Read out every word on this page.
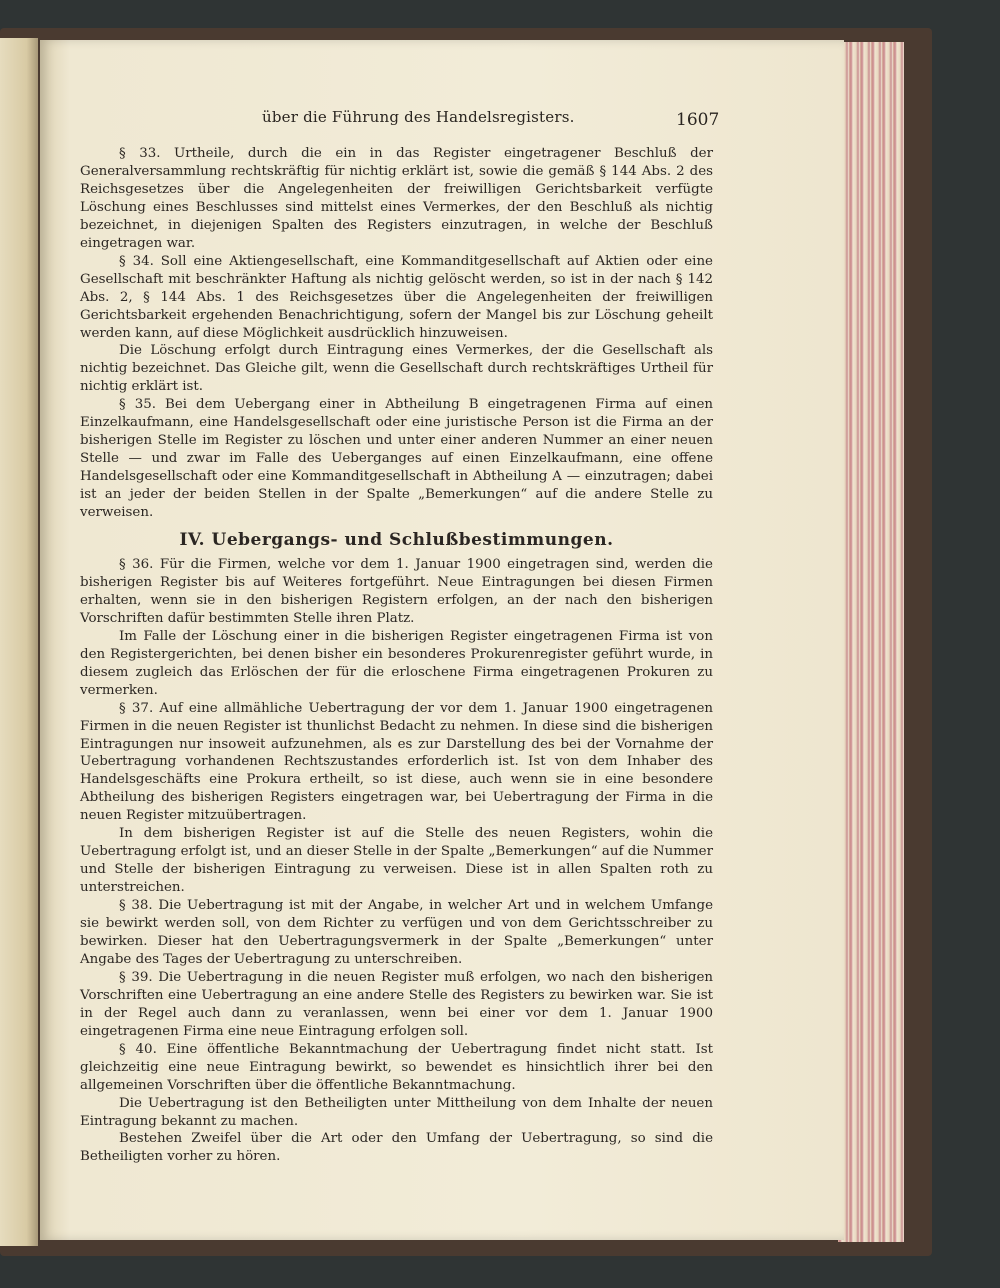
über die Führung des Handelsregisters.	1607

§ 33. Urtheile, durch die ein in das Register eingetragener Beschluß der Generalversammlung rechtskräftig für nichtig erklärt ist, sowie die gemäß § 144 Abs. 2 des Reichsgesetzes über die Angelegenheiten der freiwilligen Gerichtsbarkeit verfügte Löschung eines Beschlusses sind mittelst eines Vermerkes, der den Beschluß als nichtig bezeichnet, in diejenigen Spalten des Registers einzutragen, in welche der Beschluß eingetragen war.

§ 34. Soll eine Aktiengesellschaft, eine Kommanditgesellschaft auf Aktien oder eine Gesellschaft mit beschränkter Haftung als nichtig gelöscht werden, so ist in der nach § 142 Abs. 2, § 144 Abs. 1 des Reichsgesetzes über die Angelegenheiten der freiwilligen Gerichtsbarkeit ergehenden Benachrichtigung, sofern der Mangel bis zur Löschung geheilt werden kann, auf diese Möglichkeit ausdrücklich hinzuweisen.

Die Löschung erfolgt durch Eintragung eines Vermerkes, der die Gesellschaft als nichtig bezeichnet. Das Gleiche gilt, wenn die Gesellschaft durch rechtskräftiges Urtheil für nichtig erklärt ist.

§ 35. Bei dem Uebergang einer in Abtheilung B eingetragenen Firma auf einen Einzelkaufmann, eine Handelsgesellschaft oder eine juristische Person ist die Firma an der bisherigen Stelle im Register zu löschen und unter einer anderen Nummer an einer neuen Stelle — und zwar im Falle des Ueberganges auf einen Einzelkaufmann, eine offene Handelsgesellschaft oder eine Kommanditgesellschaft in Abtheilung A — einzutragen; dabei ist an jeder der beiden Stellen in der Spalte „Bemerkungen“ auf die andere Stelle zu verweisen.

IV. Uebergangs- und Schlußbestimmungen.

§ 36. Für die Firmen, welche vor dem 1. Januar 1900 eingetragen sind, werden die bisherigen Register bis auf Weiteres fortgeführt. Neue Eintragungen bei diesen Firmen erhalten, wenn sie in den bisherigen Registern erfolgen, an der nach den bisherigen Vorschriften dafür bestimmten Stelle ihren Platz.

Im Falle der Löschung einer in die bisherigen Register eingetragenen Firma ist von den Registergerichten, bei denen bisher ein besonderes Prokurenregister geführt wurde, in diesem zugleich das Erlöschen der für die erloschene Firma eingetragenen Prokuren zu vermerken.

§ 37. Auf eine allmähliche Uebertragung der vor dem 1. Januar 1900 eingetragenen Firmen in die neuen Register ist thunlichst Bedacht zu nehmen. In diese sind die bisherigen Eintragungen nur insoweit aufzunehmen, als es zur Darstellung des bei der Vornahme der Uebertragung vorhandenen Rechtszustandes erforderlich ist. Ist von dem Inhaber des Handelsgeschäfts eine Prokura ertheilt, so ist diese, auch wenn sie in eine besondere Abtheilung des bisherigen Registers eingetragen war, bei Uebertragung der Firma in die neuen Register mitzuübertragen.

In dem bisherigen Register ist auf die Stelle des neuen Registers, wohin die Uebertragung erfolgt ist, und an dieser Stelle in der Spalte „Bemerkungen“ auf die Nummer und Stelle der bisherigen Eintragung zu verweisen. Diese ist in allen Spalten roth zu unterstreichen.

§ 38. Die Uebertragung ist mit der Angabe, in welcher Art und in welchem Umfange sie bewirkt werden soll, von dem Richter zu verfügen und von dem Gerichtsschreiber zu bewirken. Dieser hat den Uebertragungsvermerk in der Spalte „Bemerkungen“ unter Angabe des Tages der Uebertragung zu unterschreiben.

§ 39. Die Uebertragung in die neuen Register muß erfolgen, wo nach den bisherigen Vorschriften eine Uebertragung an eine andere Stelle des Registers zu bewirken war. Sie ist in der Regel auch dann zu veranlassen, wenn bei einer vor dem 1. Januar 1900 eingetragenen Firma eine neue Eintragung erfolgen soll.

§ 40. Eine öffentliche Bekanntmachung der Uebertragung findet nicht statt. Ist gleichzeitig eine neue Eintragung bewirkt, so bewendet es hinsichtlich ihrer bei den allgemeinen Vorschriften über die öffentliche Bekanntmachung.

Die Uebertragung ist den Betheiligten unter Mittheilung von dem Inhalte der neuen Eintragung bekannt zu machen.

Bestehen Zweifel über die Art oder den Umfang der Uebertragung, so sind die Betheiligten vorher zu hören.
